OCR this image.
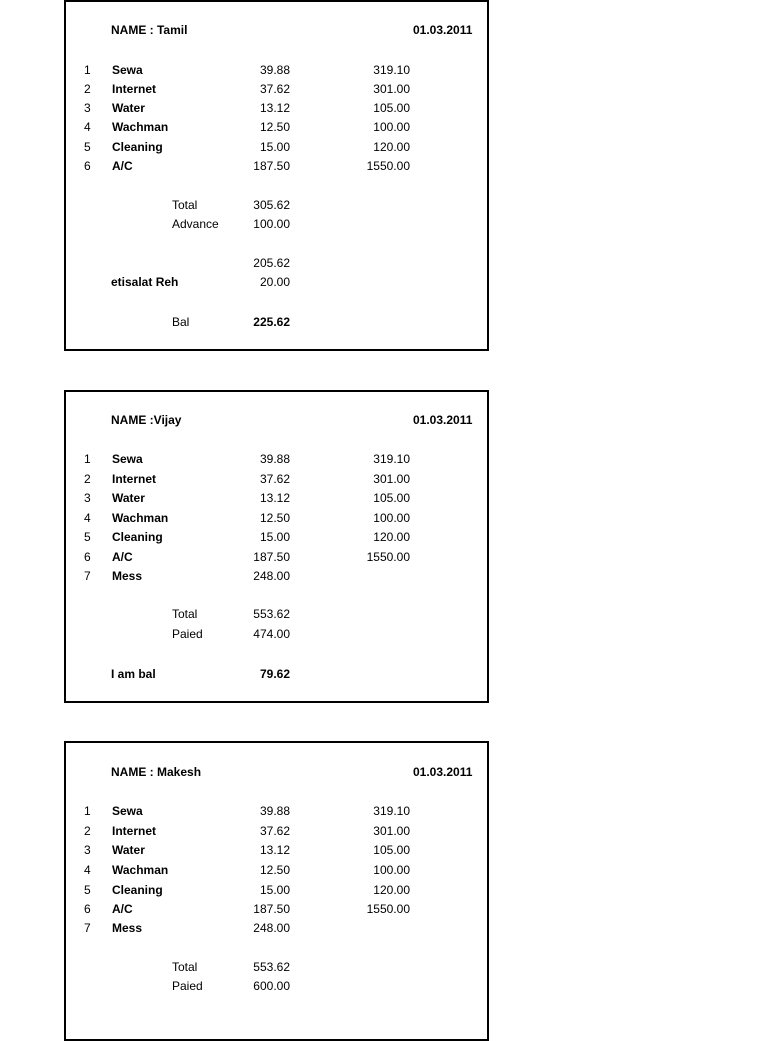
NAME : Tamil	01.03.2011
1	Sewa	39.88	319.10
2	Internet	37.62	301.00
3	Water	13.12	105.00
4	Wachman	12.50	100.00
5	Cleaning	15.00	120.00
6	A/C	187.50	1550.00
Total	305.62
Advance	100.00
205.62
etisalat Reh	20.00
Bal	225.62
NAME :Vijay	01.03.2011
1	Sewa	39.88	319.10
2	Internet	37.62	301.00
3	Water	13.12	105.00
4	Wachman	12.50	100.00
5	Cleaning	15.00	120.00
6	A/C	187.50	1550.00
7	Mess	248.00
Total	553.62
Paied	474.00
I am bal	79.62
NAME : Makesh	01.03.2011
1	Sewa	39.88	319.10
2	Internet	37.62	301.00
3	Water	13.12	105.00
4	Wachman	12.50	100.00
5	Cleaning	15.00	120.00
6	A/C	187.50	1550.00
7	Mess	248.00
Total	553.62
Paied	600.00
